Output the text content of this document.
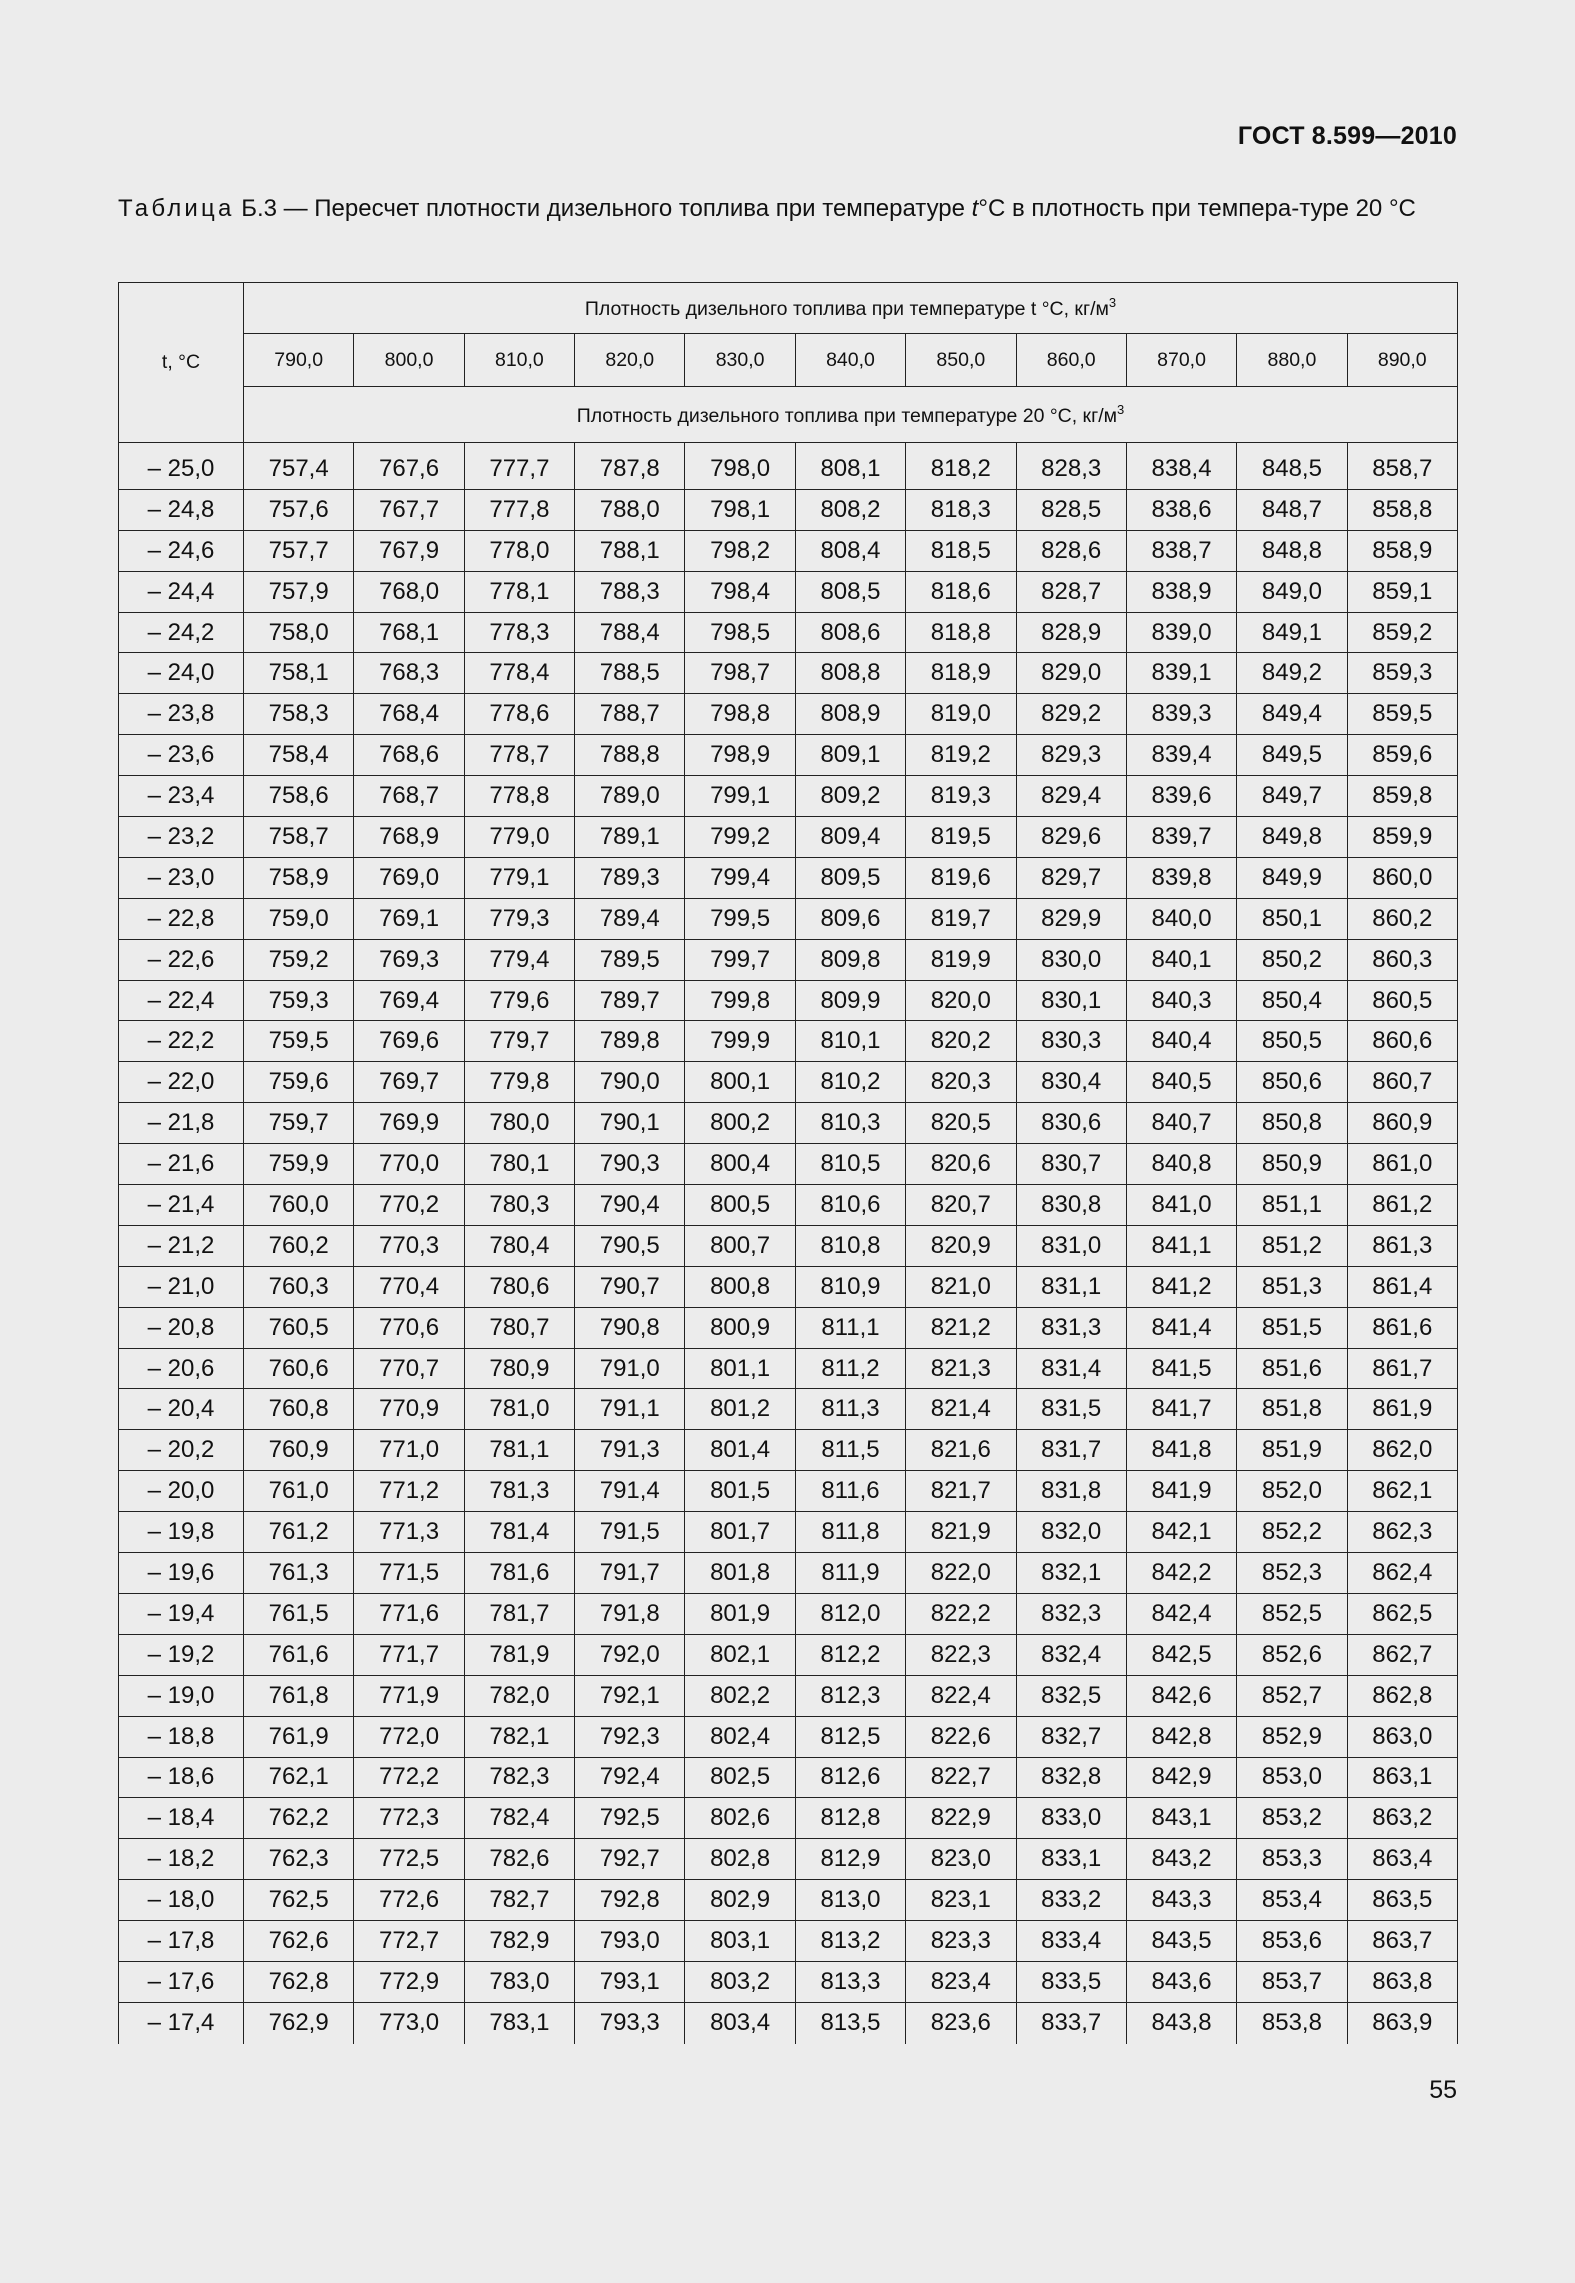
ГОСТ 8.599—2010
Таблица Б.3 — Пересчет плотности дизельного топлива при температуре t°С в плотность при темпера-туре 20 °С
t, °C	Плотность дизельного топлива при температуре t °C, $кг/м^3$
	790,0	800,0	810,0	820,0	830,0	840,0	850,0	860,0	870,0	880,0	890,0
	Плотность дизельного топлива при температуре 20 °C, $кг/м^3$

– 25,0	757,4	767,6	777,7	787,8	798,0	808,1	818,2	828,3	838,4	848,5	858,7
– 24,8	757,6	767,7	777,8	788,0	798,1	808,2	818,3	828,5	838,6	848,7	858,8
– 24,6	757,7	767,9	778,0	788,1	798,2	808,4	818,5	828,6	838,7	848,8	858,9
– 24,4	757,9	768,0	778,1	788,3	798,4	808,5	818,6	828,7	838,9	849,0	859,1
– 24,2	758,0	768,1	778,3	788,4	798,5	808,6	818,8	828,9	839,0	849,1	859,2
– 24,0	758,1	768,3	778,4	788,5	798,7	808,8	818,9	829,0	839,1	849,2	859,3
– 23,8	758,3	768,4	778,6	788,7	798,8	808,9	819,0	829,2	839,3	849,4	859,5
– 23,6	758,4	768,6	778,7	788,8	798,9	809,1	819,2	829,3	839,4	849,5	859,6
– 23,4	758,6	768,7	778,8	789,0	799,1	809,2	819,3	829,4	839,6	849,7	859,8
– 23,2	758,7	768,9	779,0	789,1	799,2	809,4	819,5	829,6	839,7	849,8	859,9
– 23,0	758,9	769,0	779,1	789,3	799,4	809,5	819,6	829,7	839,8	849,9	860,0
– 22,8	759,0	769,1	779,3	789,4	799,5	809,6	819,7	829,9	840,0	850,1	860,2
– 22,6	759,2	769,3	779,4	789,5	799,7	809,8	819,9	830,0	840,1	850,2	860,3
– 22,4	759,3	769,4	779,6	789,7	799,8	809,9	820,0	830,1	840,3	850,4	860,5
– 22,2	759,5	769,6	779,7	789,8	799,9	810,1	820,2	830,3	840,4	850,5	860,6
– 22,0	759,6	769,7	779,8	790,0	800,1	810,2	820,3	830,4	840,5	850,6	860,7
– 21,8	759,7	769,9	780,0	790,1	800,2	810,3	820,5	830,6	840,7	850,8	860,9
– 21,6	759,9	770,0	780,1	790,3	800,4	810,5	820,6	830,7	840,8	850,9	861,0
– 21,4	760,0	770,2	780,3	790,4	800,5	810,6	820,7	830,8	841,0	851,1	861,2
– 21,2	760,2	770,3	780,4	790,5	800,7	810,8	820,9	831,0	841,1	851,2	861,3
– 21,0	760,3	770,4	780,6	790,7	800,8	810,9	821,0	831,1	841,2	851,3	861,4
– 20,8	760,5	770,6	780,7	790,8	800,9	811,1	821,2	831,3	841,4	851,5	861,6
– 20,6	760,6	770,7	780,9	791,0	801,1	811,2	821,3	831,4	841,5	851,6	861,7
– 20,4	760,8	770,9	781,0	791,1	801,2	811,3	821,4	831,5	841,7	851,8	861,9
– 20,2	760,9	771,0	781,1	791,3	801,4	811,5	821,6	831,7	841,8	851,9	862,0
– 20,0	761,0	771,2	781,3	791,4	801,5	811,6	821,7	831,8	841,9	852,0	862,1
– 19,8	761,2	771,3	781,4	791,5	801,7	811,8	821,9	832,0	842,1	852,2	862,3
– 19,6	761,3	771,5	781,6	791,7	801,8	811,9	822,0	832,1	842,2	852,3	862,4
– 19,4	761,5	771,6	781,7	791,8	801,9	812,0	822,2	832,3	842,4	852,5	862,5
– 19,2	761,6	771,7	781,9	792,0	802,1	812,2	822,3	832,4	842,5	852,6	862,7
– 19,0	761,8	771,9	782,0	792,1	802,2	812,3	822,4	832,5	842,6	852,7	862,8
– 18,8	761,9	772,0	782,1	792,3	802,4	812,5	822,6	832,7	842,8	852,9	863,0
– 18,6	762,1	772,2	782,3	792,4	802,5	812,6	822,7	832,8	842,9	853,0	863,1
– 18,4	762,2	772,3	782,4	792,5	802,6	812,8	822,9	833,0	843,1	853,2	863,2
– 18,2	762,3	772,5	782,6	792,7	802,8	812,9	823,0	833,1	843,2	853,3	863,4
– 18,0	762,5	772,6	782,7	792,8	802,9	813,0	823,1	833,2	843,3	853,4	863,5
– 17,8	762,6	772,7	782,9	793,0	803,1	813,2	823,3	833,4	843,5	853,6	863,7
– 17,6	762,8	772,9	783,0	793,1	803,2	813,3	823,4	833,5	843,6	853,7	863,8
– 17,4	762,9	773,0	783,1	793,3	803,4	813,5	823,6	833,7	843,8	853,8	863,9
55
